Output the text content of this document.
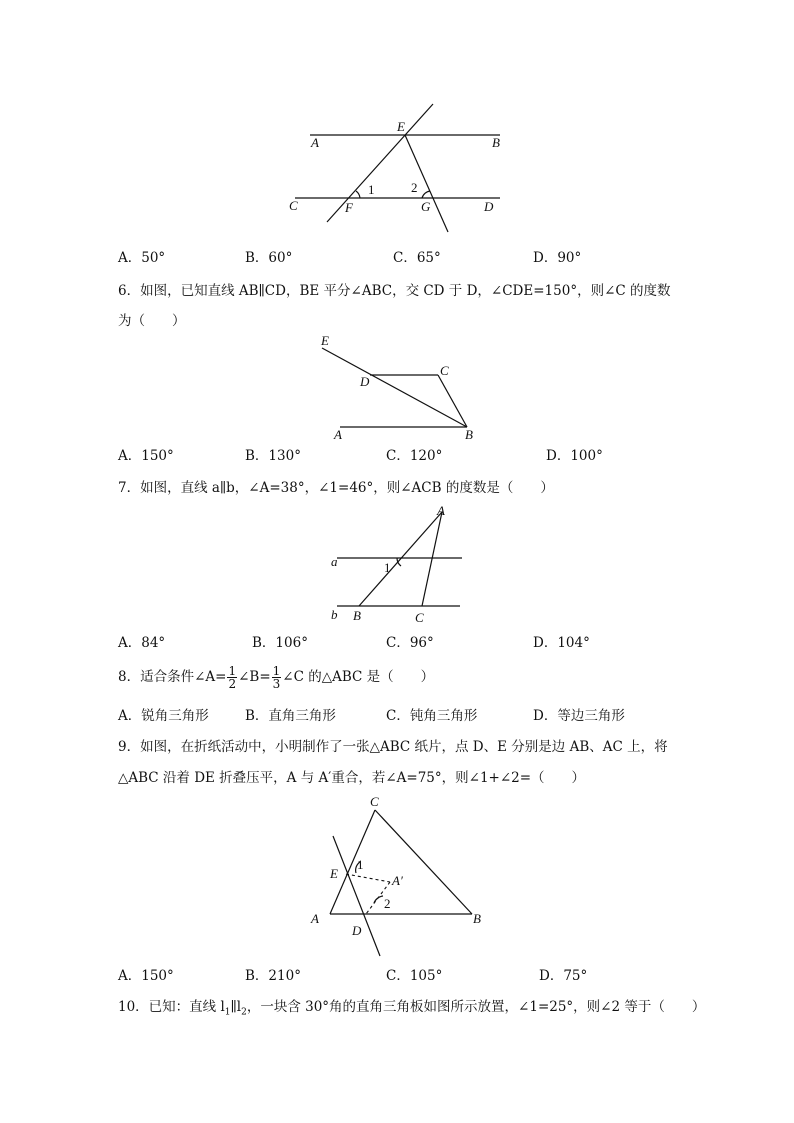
E
A	B
C	D
F	G
1	2
A．50°	B．60°	C．65°	D．90°
6．如图，已知直线 AB∥CD，BE 平分∠ABC，交 CD 于 D，∠CDE=150°，则∠C 的度数
为（　　）
E
D
C
A	B
A．150°	B．130°	C．120°	D．100°
7．如图，直线 a∥b，∠A=38°，∠1=46°，则∠ACB 的度数是（　　）
A
a
b B	C
1
A．84°	B．106°	C．96°	D．104°
8．适合条件∠A= $\frac{1}{2}$ ∠B= $\frac{1}{3}$ ∠C 的△ABC 是（　　）
A．锐角三角形	B．直角三角形	C．钝角三角形	D．等边三角形
9．如图，在折纸活动中，小明制作了一张△ABC 纸片，点 D、E 分别是边 AB、AC 上，将
△ABC 沿着 DE 折叠压平，A 与 A′重合，若∠A=75°，则∠1+∠2=（　　）
C
E	A′
A
D
B
1
2
A．150°	B．210°	C．105°	D．75°
10．已知：直线 $l_1\parallel l_2$，一块含 30°角的直角三角板如图所示放置，∠1=25°，则∠2 等于（　　）
